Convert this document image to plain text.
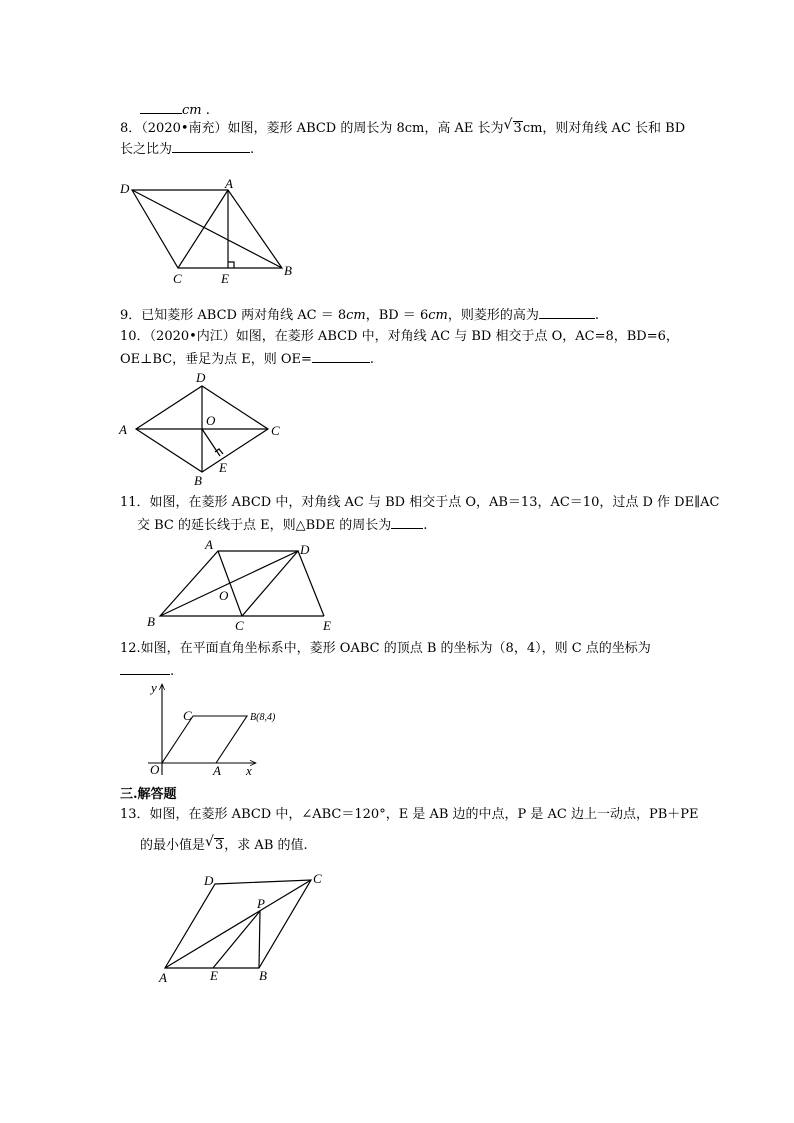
cm .
8．（2020•南充）如图，菱形 ABCD 的周长为 8cm，高 AE 长为 √ 3cm，则对角线 AC 长和 BD
长之比为	.
D	A
C	E
B
9．已知菱形 ABCD 两对角线 AC ＝ 8cm，BD ＝ 6cm，则菱形的高为	.
10．（2020•内江）如图，在菱形 ABCD 中，对角线 AC 与 BD 相交于点 O，AC=8，BD=6，
OE⊥BC，垂足为点 E，则 OE=	.
D
A
O
C
B
E
11．如图，在菱形 ABCD 中，对角线 AC 与 BD 相交于点 O，AB＝13，AC＝10，过点 D 作 DE∥AC
交 BC 的延长线于点 E，则△BDE 的周长为 .
A	D
O
B	C	E
12.如图，在平面直角坐标系中，菱形 OABC 的顶点 B 的坐标为（8，4），则 C 点的坐标为
.
y
C	B(8,4)
O	A x
三.解答题
13．如图，在菱形 ABCD 中，∠ABC＝120°，E 是 AB 边的中点，P 是 AC 边上一动点，PB＋PE
的最小值是 √ 3，求 AB 的值.
D	C
P
A	E	B
